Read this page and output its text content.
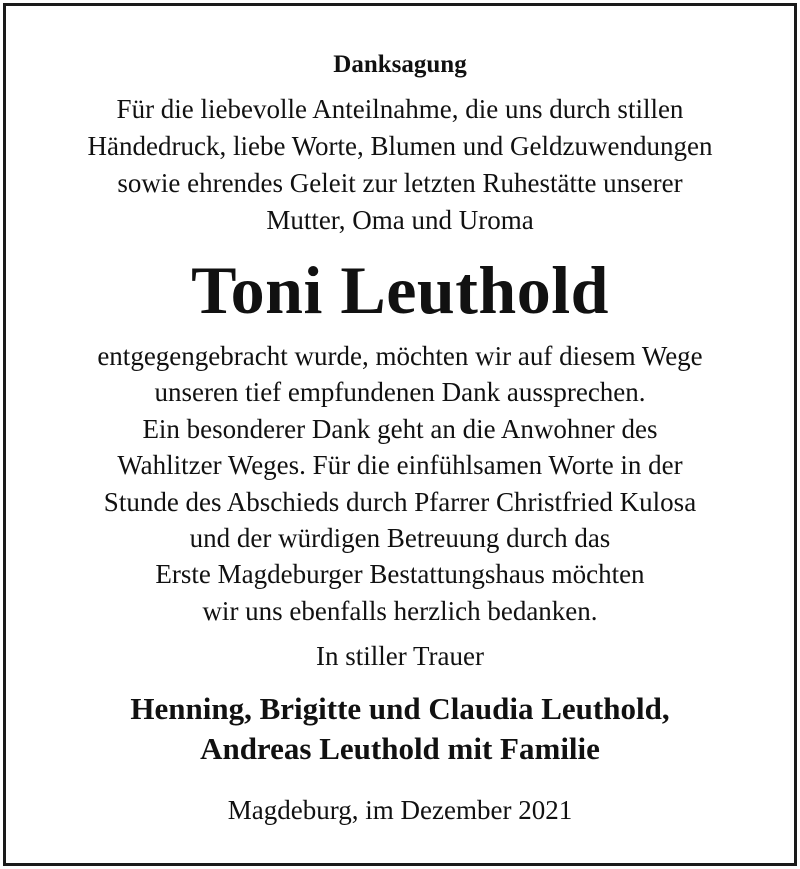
Danksagung
Für die liebevolle Anteilnahme, die uns durch stillen
Händedruck, liebe Worte, Blumen und Geldzuwendungen
sowie ehrendes Geleit zur letzten Ruhestätte unserer
Mutter, Oma und Uroma
Toni Leuthold
entgegengebracht wurde, möchten wir auf diesem Wege
unseren tief empfundenen Dank aussprechen.
Ein besonderer Dank geht an die Anwohner des
Wahlitzer Weges. Für die einfühlsamen Worte in der
Stunde des Abschieds durch Pfarrer Christfried Kulosa
und der würdigen Betreuung durch das
Erste Magdeburger Bestattungshaus möchten
wir uns ebenfalls herzlich bedanken.
In stiller Trauer
Henning, Brigitte und Claudia Leuthold,
Andreas Leuthold mit Familie
Magdeburg, im Dezember 2021
